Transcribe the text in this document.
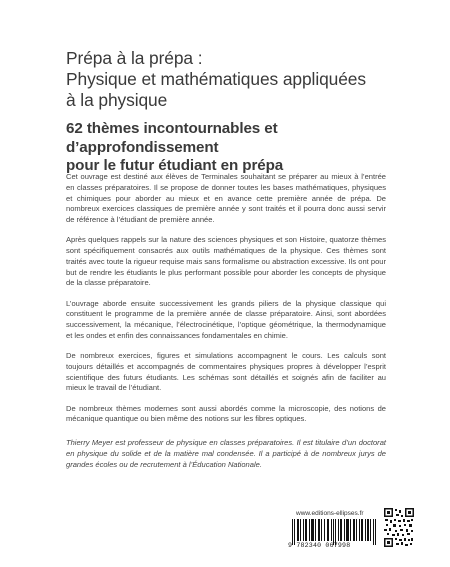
Prépa à la prépa :
Physique et mathématiques appliquées
à la physique
62 thèmes incontournables et d’approfondissement
pour le futur étudiant en prépa

Cet ouvrage est destiné aux élèves de Terminales souhaitant se préparer au mieux à l’entrée en classes préparatoires. Il se propose de donner toutes les bases mathématiques, physiques et chimiques pour aborder au mieux et en avance cette première année de prépa. De nombreux exercices classiques de première année y sont traités et il pourra donc aussi servir de référence à l’étudiant de première année.

Après quelques rappels sur la nature des sciences physiques et son Histoire, quatorze thèmes sont spécifiquement consacrés aux outils mathématiques de la physique. Ces thèmes sont traités avec toute la rigueur requise mais sans formalisme ou abstraction excessive. Ils ont pour but de rendre les étudiants le plus performant possible pour aborder les concepts de physique de la classe préparatoire.

L’ouvrage aborde ensuite successivement les grands piliers de la physique classique qui constituent le programme de la première année de classe préparatoire. Ainsi, sont abordées successivement, la mécanique, l’électrocinétique, l’optique géométrique, la thermodynamique et les ondes et enfin des connaissances fondamentales en chimie.

De nombreux exercices, figures et simulations accompagnent le cours. Les calculs sont toujours détaillés et accompagnés de commentaires physiques propres à développer l’esprit scientifique des futurs étudiants. Les schémas sont détaillés et soignés afin de faciliter au mieux le travail de l’étudiant.

De nombreux thèmes modernes sont aussi abordés comme la microscopie, des notions de mécanique quantique ou bien même des notions sur les fibres optiques.

Thierry Meyer est professeur de physique en classes préparatoires. Il est titulaire d’un doctorat en physique du solide et de la matière mal condensée. Il a participé à de nombreux jurys de grandes écoles ou de recrutement à l’Éducation Nationale.

www.editions-ellipses.fr
9 782340 067998
